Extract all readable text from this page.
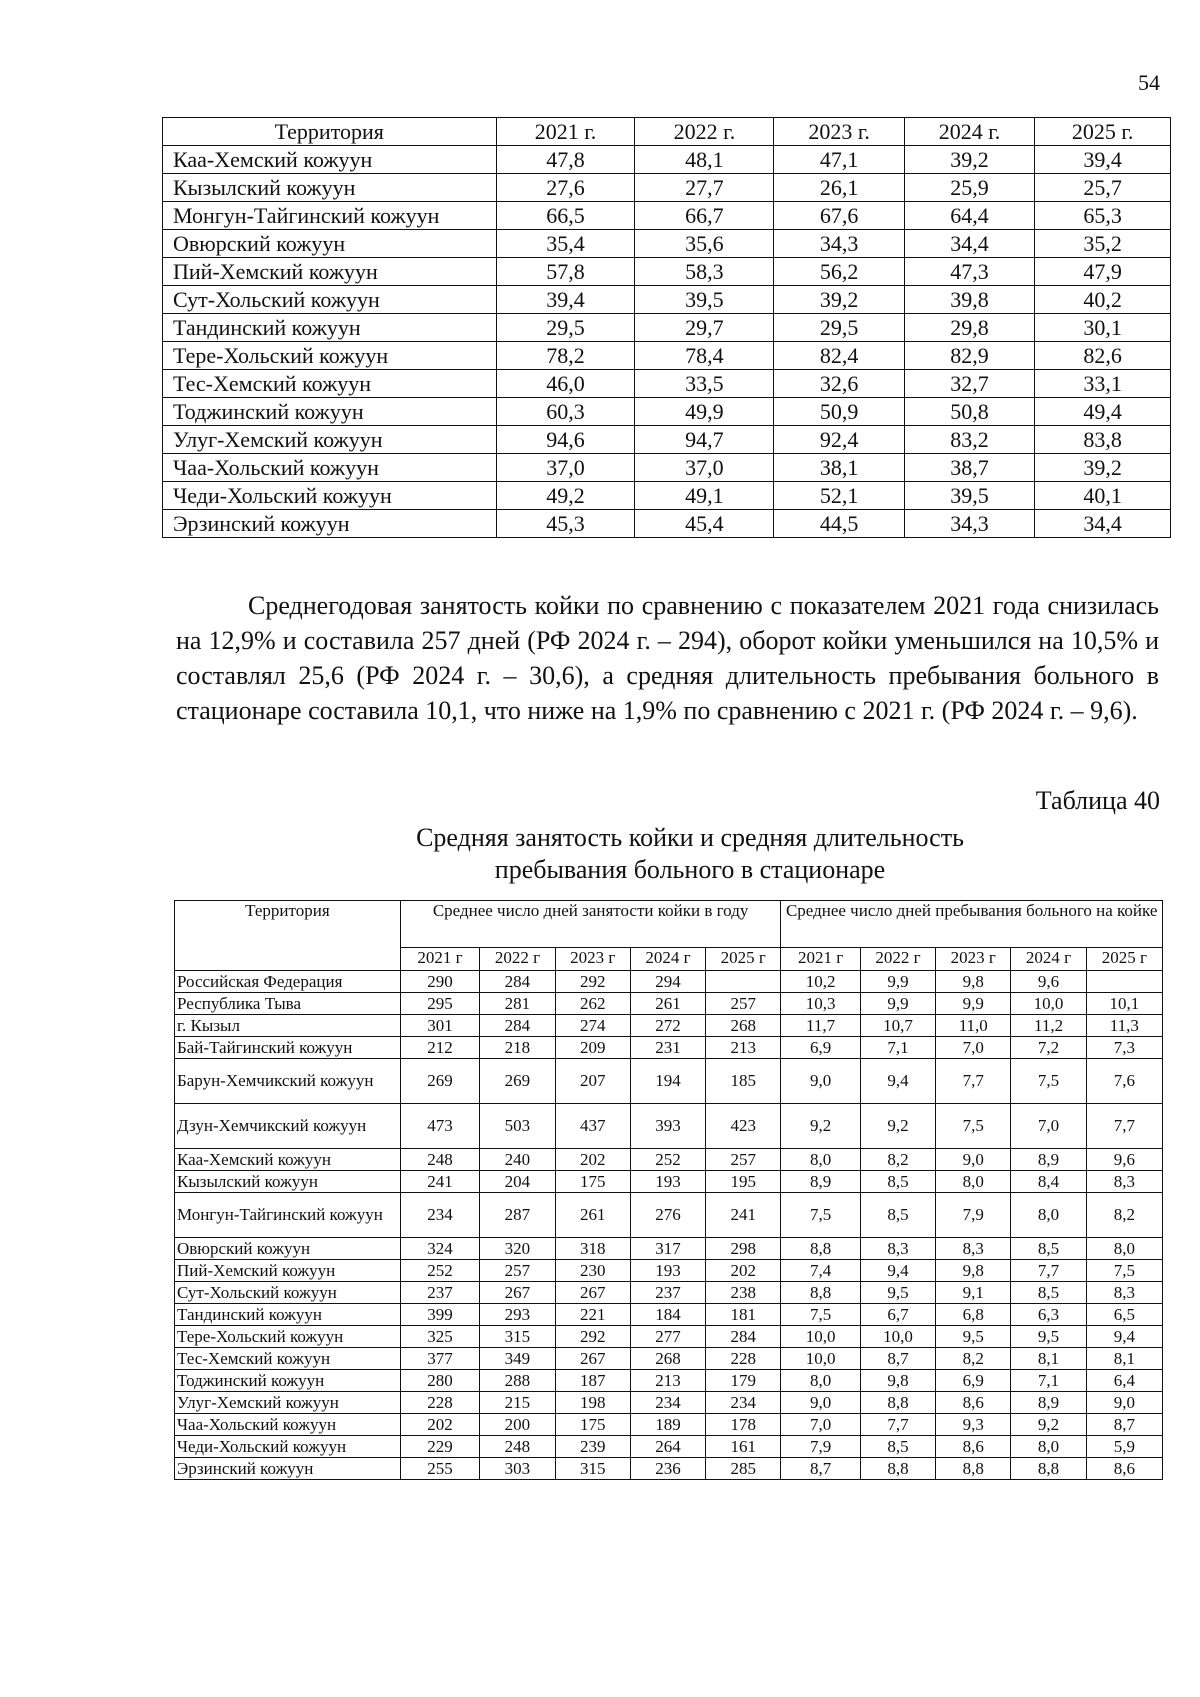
54
Территория	2021 г.	2022 г.	2023 г.	2024 г.	2025 г.
Каа-Хемский кожуун	47,8	48,1	47,1	39,2	39,4
Кызылский кожуун	27,6	27,7	26,1	25,9	25,7
Монгун-Тайгинский кожуун	66,5	66,7	67,6	64,4	65,3
Овюрский кожуун	35,4	35,6	34,3	34,4	35,2
Пий-Хемский кожуун	57,8	58,3	56,2	47,3	47,9
Сут-Хольский кожуун	39,4	39,5	39,2	39,8	40,2
Тандинский кожуун	29,5	29,7	29,5	29,8	30,1
Тере-Хольский кожуун	78,2	78,4	82,4	82,9	82,6
Тес-Хемский кожуун	46,0	33,5	32,6	32,7	33,1
Тоджинский кожуун	60,3	49,9	50,9	50,8	49,4
Улуг-Хемский кожуун	94,6	94,7	92,4	83,2	83,8
Чаа-Хольский кожуун	37,0	37,0	38,1	38,7	39,2
Чеди-Хольский кожуун	49,2	49,1	52,1	39,5	40,1
Эрзинский кожуун	45,3	45,4	44,5	34,3	34,4

Среднегодовая занятость койки по сравнению с показателем 2021 года снизилась на 12,9% и составила 257 дней (РФ 2024 г. – 294), оборот койки уменьшился на 10,5% и составлял 25,6 (РФ 2024 г. – 30,6), а средняя длительность пребывания больного в стационаре составила 10,1, что ниже на 1,9% по сравнению с 2021 г. (РФ 2024 г. – 9,6).

Таблица 40
Средняя занятость койки и средняя длительность
пребывания больного в стационаре
Территория	Среднее число дней занятости койки в году					Среднее число дней пребывания больного на койке				
	2021 г	2022 г	2023 г	2024 г	2025 г	2021 г	2022 г	2023 г	2024 г	2025 г
Российская Федерация	290	284	292	294		10,2	9,9	9,8	9,6	
Республика Тыва	295	281	262	261	257	10,3	9,9	9,9	10,0	10,1
г. Кызыл	301	284	274	272	268	11,7	10,7	11,0	11,2	11,3
Бай-Тайгинский кожуун	212	218	209	231	213	6,9	7,1	7,0	7,2	7,3
Барун-Хемчикский кожуун	269	269	207	194	185	9,0	9,4	7,7	7,5	7,6
Дзун-Хемчикский кожуун	473	503	437	393	423	9,2	9,2	7,5	7,0	7,7
Каа-Хемский кожуун	248	240	202	252	257	8,0	8,2	9,0	8,9	9,6
Кызылский кожуун	241	204	175	193	195	8,9	8,5	8,0	8,4	8,3
Монгун-Тайгинский кожуун	234	287	261	276	241	7,5	8,5	7,9	8,0	8,2
Овюрский кожуун	324	320	318	317	298	8,8	8,3	8,3	8,5	8,0
Пий-Хемский кожуун	252	257	230	193	202	7,4	9,4	9,8	7,7	7,5
Сут-Хольский кожуун	237	267	267	237	238	8,8	9,5	9,1	8,5	8,3
Тандинский кожуун	399	293	221	184	181	7,5	6,7	6,8	6,3	6,5
Тере-Хольский кожуун	325	315	292	277	284	10,0	10,0	9,5	9,5	9,4
Тес-Хемский кожуун	377	349	267	268	228	10,0	8,7	8,2	8,1	8,1
Тоджинский кожуун	280	288	187	213	179	8,0	9,8	6,9	7,1	6,4
Улуг-Хемский кожуун	228	215	198	234	234	9,0	8,8	8,6	8,9	9,0
Чаа-Хольский кожуун	202	200	175	189	178	7,0	7,7	9,3	9,2	8,7
Чеди-Хольский кожуун	229	248	239	264	161	7,9	8,5	8,6	8,0	5,9
Эрзинский кожуун	255	303	315	236	285	8,7	8,8	8,8	8,8	8,6
